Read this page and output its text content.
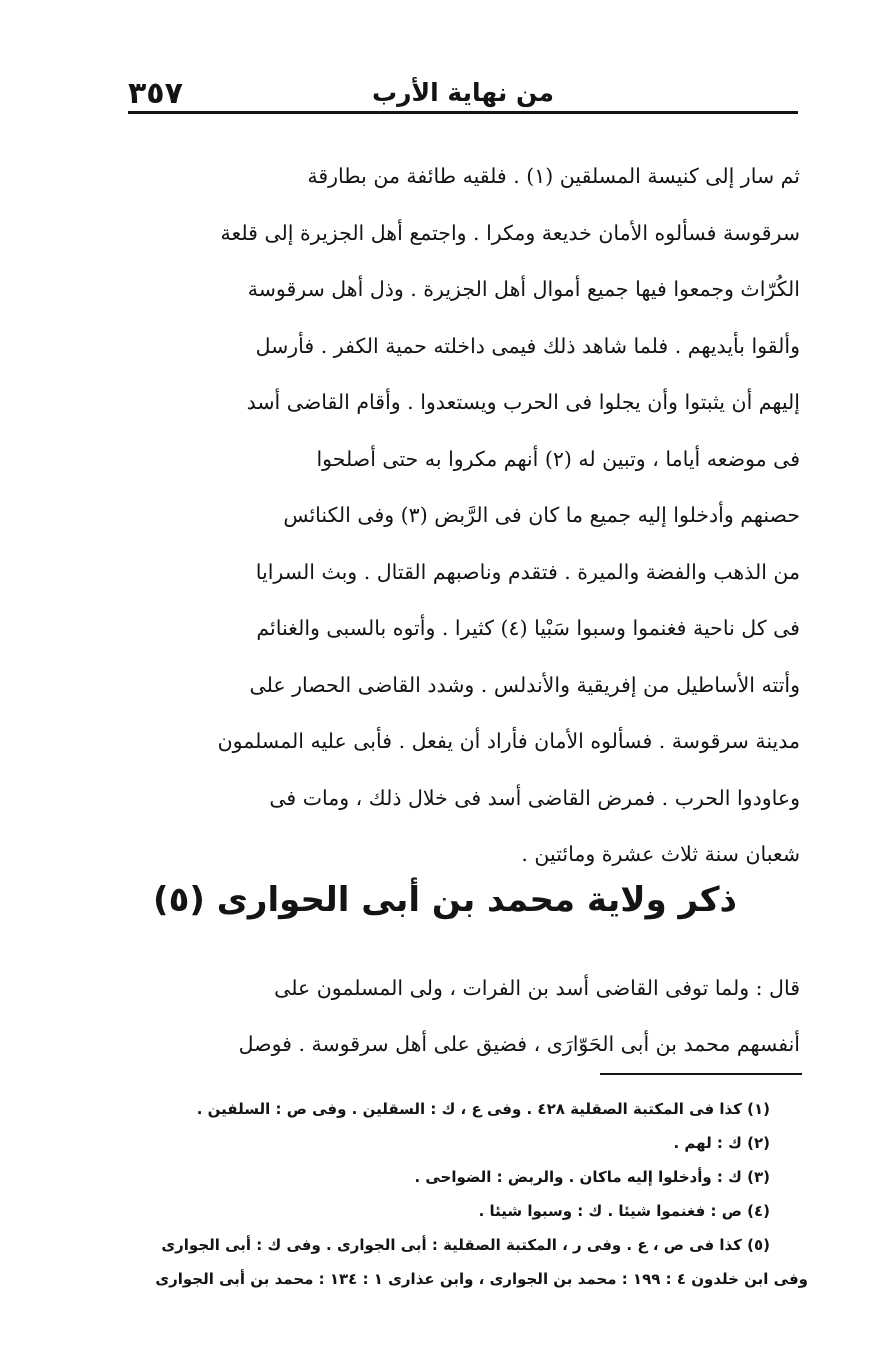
٣٥٧	من نهاية الأرب
ثم سار إلى كنيسة المسلقين (١) . فلقيه طائفة من بطارقة
سرقوسة فسألوه الأمان خديعة ومكرا . واجتمع أهل الجزيرة إلى قلعة
الكُرّاث وجمعوا فيها جميع أموال أهل الجزيرة . وذل أهل سرقوسة
وألقوا بأيديهم . فلما شاهد ذلك فيمى داخلته حمية الكفر . فأرسل
إليهم أن يثبتوا وأن يجلوا فى الحرب ويستعدوا . وأقام القاضى أسد
فى موضعه أياما ، وتبين له (٢) أنهم مكروا به حتى أصلحوا
حصنهم وأدخلوا إليه جميع ما كان فى الرَّبض (٣) وفى الكنائس
من الذهب والفضة والميرة . فتقدم وناصبهم القتال . وبث السرايا
فى كل ناحية فغنموا وسبوا سَبْيا (٤) كثيرا . وأتوه بالسبى والغنائم
وأتته الأساطيل من إفريقية والأندلس . وشدد القاضى الحصار على
مدينة سرقوسة . فسألوه الأمان فأراد أن يفعل . فأبى عليه المسلمون
وعاودوا الحرب . فمرض القاضى أسد فى خلال ذلك ، ومات فى
شعبان سنة ثلاث عشرة ومائتين .
ذكر ولاية محمد بن أبى الحوارى (٥)
قال : ولما توفى القاضى أسد بن الفرات ، ولى المسلمون على
أنفسهم محمد بن أبى الحَوّارَى ، فضيق على أهل سرقوسة . فوصل
(١) كذا فى المكتبة الصقلية ٤٢٨ . وفى ع ، ك : السقلين . وفى ص : السلفين .
(٢) ك : لهم .
(٣) ك : وأدخلوا إليه ماكان . والربض : الضواحى .
(٤) ص : فغنموا شيئا . ك : وسبوا شيئا .
(٥) كذا فى ص ، ع . وفى ر ، المكتبة الصقلية : أبى الجوارى . وفى ك : أبى الجوارى
وفى ابن خلدون ٤ : ١٩٩ : محمد بن الجوارى ، وابن عذارى ١ : ١٣٤ : محمد بن أبى الجوارى
